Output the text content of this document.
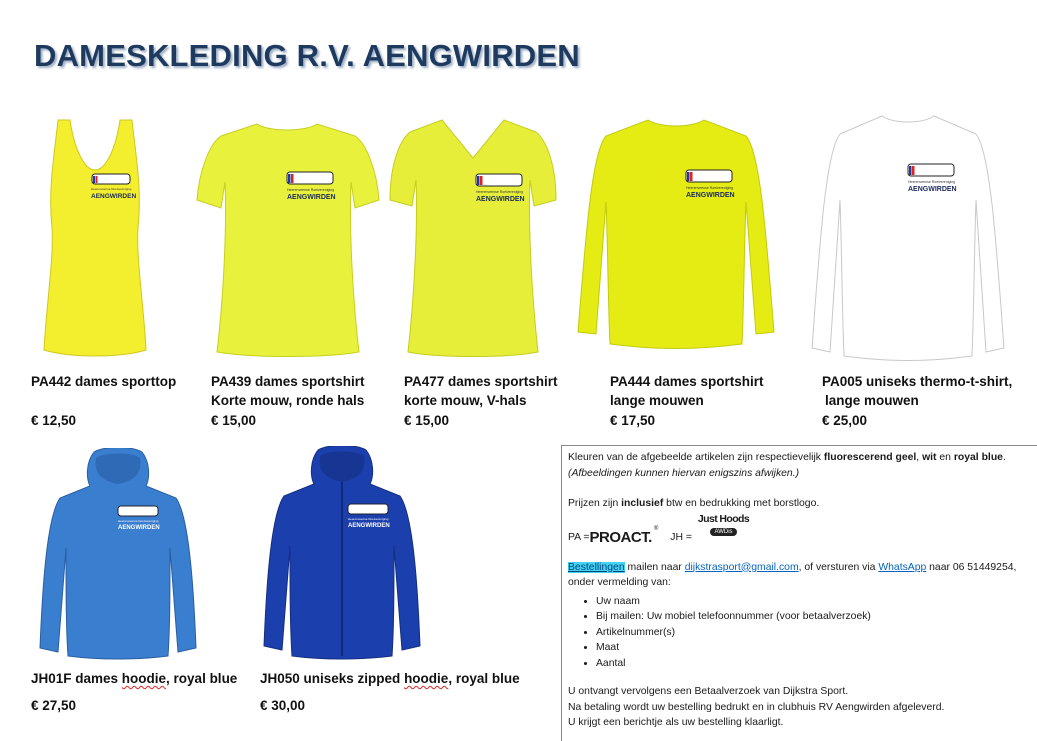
DAMESKLEDING R.V. AENGWIRDEN
Heerenveense Roeivereniging
AENGWIRDEN
Heerenveense Roeivereniging
AENGWIRDEN
Heerenveense Roeivereniging
AENGWIRDEN
Heerenveense Roeivereniging
AENGWIRDEN
Heerenveense Roeivereniging
AENGWIRDEN
Heerenveense Roeivereniging
AENGWIRDEN
Heerenveense Roeivereniging
AENGWIRDEN
PA442 dames sporttop
€ 12,50
PA439 dames sportshirt
Korte mouw, ronde hals
€ 15,00
PA477 dames sportshirt
korte mouw, V-hals
€ 15,00
PA444 dames sportshirt
lange mouwen
€ 17,50
PA005 uniseks thermo-t-shirt,
lange mouwen
€ 25,00
JH01F dames hoodie, royal blue
€ 27,50
JH050 uniseks zipped hoodie, royal blue
€ 30,00

Kleuren van de afgebeelde artikelen zijn respectievelijk fluorescerend geel, wit en royal blue.

(Afbeeldingen kunnen hiervan enigszins afwijken.)

Prijzen zijn inclusief btw en bedrukking met borstlogo.

PA = PROACT. ®
JH =
Just Hoods
AWDis

Bestellingen mailen naar dijkstrasport@gmail.com, of versturen via WhatsApp naar 06 51449254,

onder vermelding van:

• Uw naam
• Bij mailen: Uw mobiel telefoonnummer (voor betaalverzoek)
• Artikelnummer(s)
• Maat
• Aantal

U ontvangt vervolgens een Betaalverzoek van Dijkstra Sport.

Na betaling wordt uw bestelling bedrukt en in clubhuis RV Aengwirden afgeleverd.

U krijgt een berichtje als uw bestelling klaarligt.
